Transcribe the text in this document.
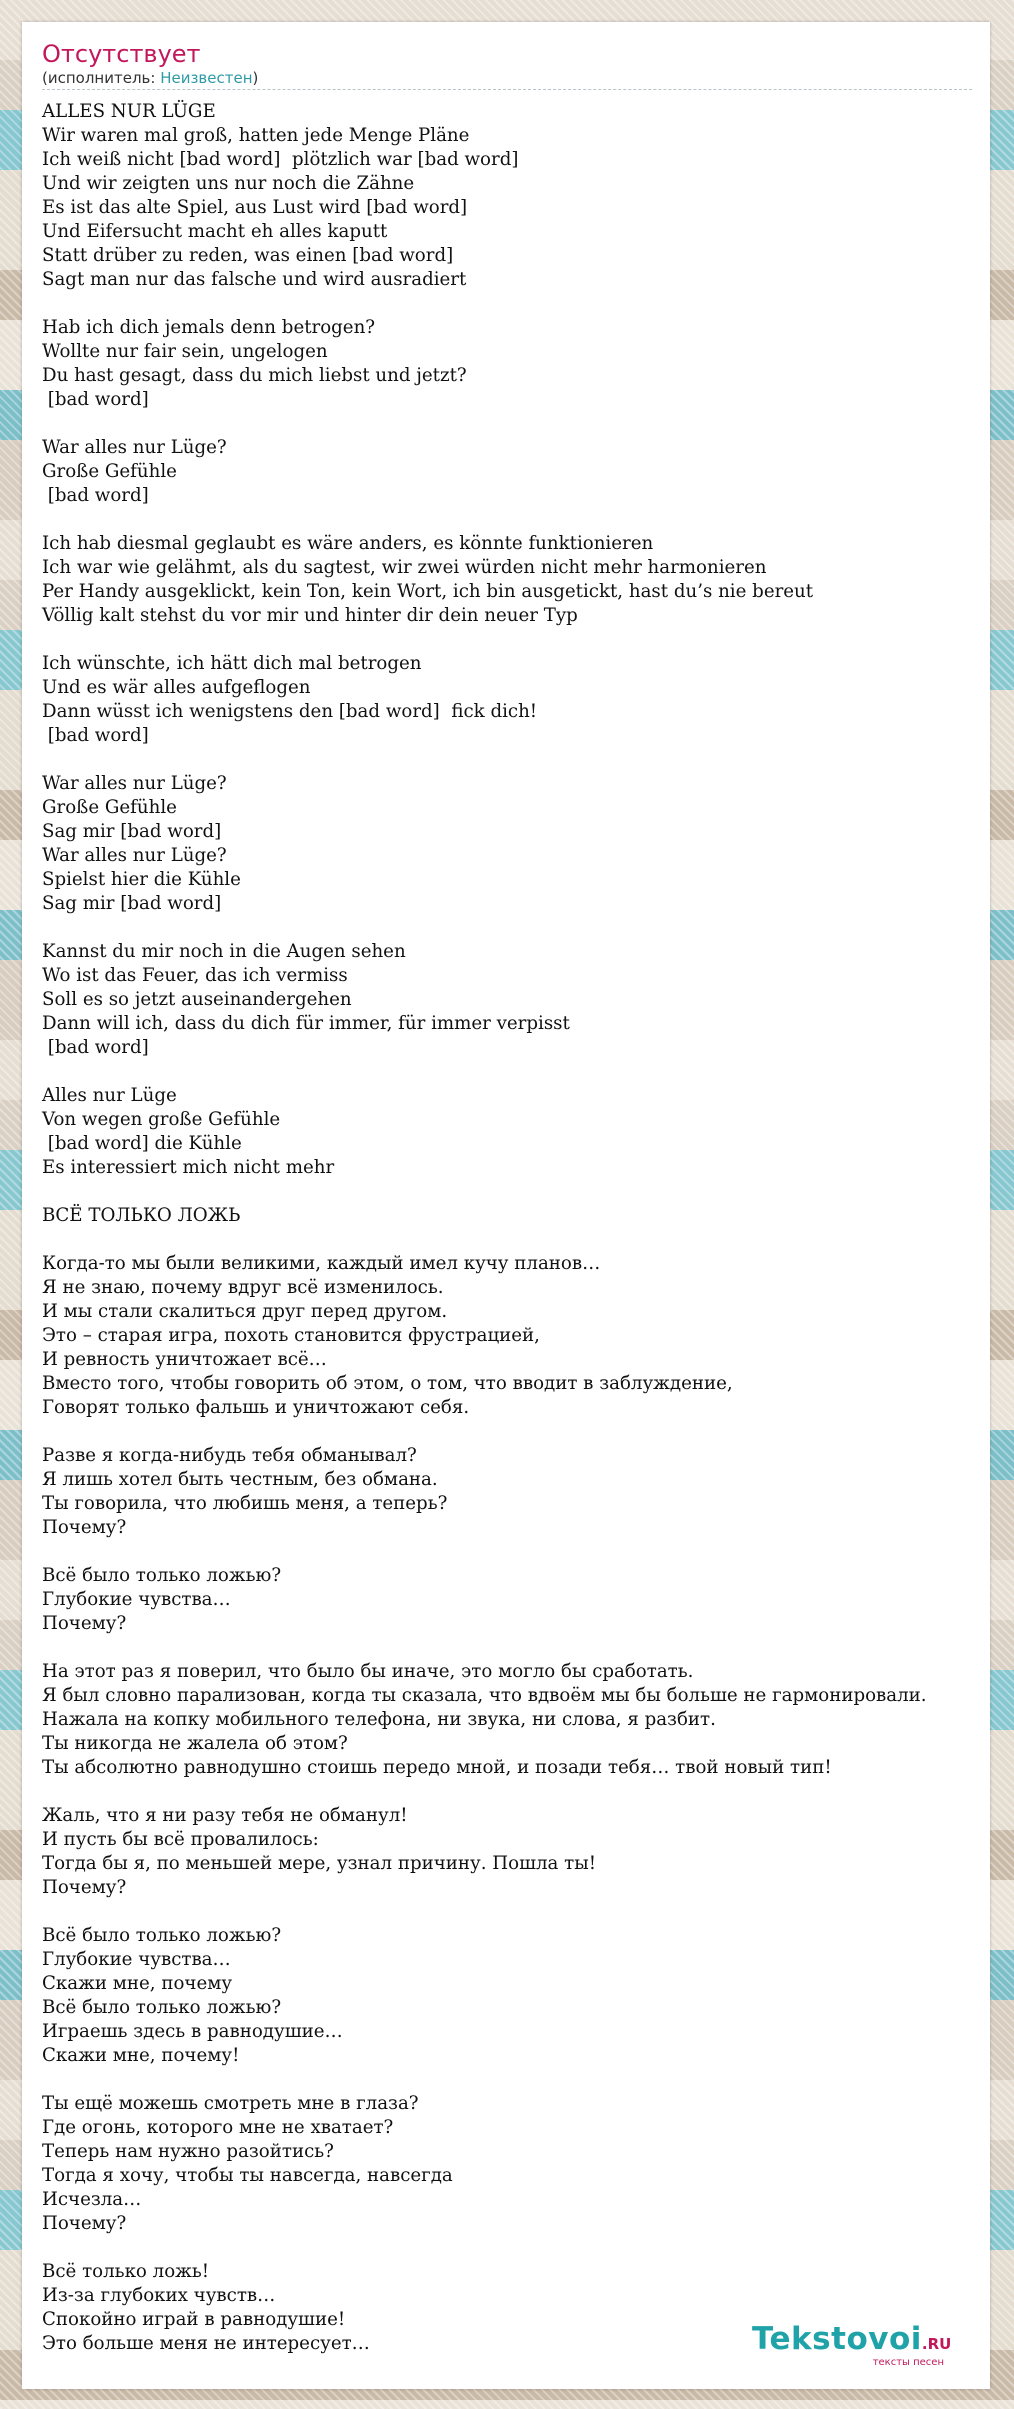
Отсутствует
(исполнитель: Неизвестен)
ALLES NUR LÜGE
Wir waren mal groß, hatten jede Menge Pläne
Ich weiß nicht [bad word]  plötzlich war [bad word]
Und wir zeigten uns nur noch die Zähne
Es ist das alte Spiel, aus Lust wird [bad word]
Und Eifersucht macht eh alles kaputt
Statt drüber zu reden, was einen [bad word]
Sagt man nur das falsche und wird ausradiert

Hab ich dich jemals denn betrogen?
Wollte nur fair sein, ungelogen
Du hast gesagt, dass du mich liebst und jetzt?
[bad word]

War alles nur Lüge?
Große Gefühle
[bad word]

Ich hab diesmal geglaubt es wäre anders, es könnte funktionieren
Ich war wie gelähmt, als du sagtest, wir zwei würden nicht mehr harmonieren
Per Handy ausgeklickt, kein Ton, kein Wort, ich bin ausgetickt, hast du’s nie bereut
Völlig kalt stehst du vor mir und hinter dir dein neuer Typ

Ich wünschte, ich hätt dich mal betrogen
Und es wär alles aufgeflogen
Dann wüsst ich wenigstens den [bad word]  fick dich!
[bad word]

War alles nur Lüge?
Große Gefühle
Sag mir [bad word]
War alles nur Lüge?
Spielst hier die Kühle
Sag mir [bad word]

Kannst du mir noch in die Augen sehen
Wo ist das Feuer, das ich vermiss
Soll es so jetzt auseinandergehen
Dann will ich, dass du dich für immer, für immer verpisst
[bad word]

Alles nur Lüge
Von wegen große Gefühle
[bad word] die Kühle
Es interessiert mich nicht mehr

ВСЁ ТОЛЬКО ЛОЖЬ

Когда-то мы были великими, каждый имел кучу планов…
Я не знаю, почему вдруг всё изменилось.
И мы стали скалиться друг перед другом.
Это – старая игра, похоть становится фрустрацией,
И ревность уничтожает всё…
Вместо того, чтобы говорить об этом, о том, что вводит в заблуждение,
Говорят только фальшь и уничтожают себя.

Разве я когда-нибудь тебя обманывал?
Я лишь хотел быть честным, без обмана.
Ты говорила, что любишь меня, а теперь?
Почему?

Всё было только ложью?
Глубокие чувства…
Почему?

На этот раз я поверил, что было бы иначе, это могло бы сработать.
Я был словно парализован, когда ты сказала, что вдвоём мы бы больше не гармонировали.
Нажала на копку мобильного телефона, ни звука, ни слова, я разбит.
Ты никогда не жалела об этом?
Ты абсолютно равнодушно стоишь передо мной, и позади тебя… твой новый тип!

Жаль, что я ни разу тебя не обманул!
И пусть бы всё провалилось:
Тогда бы я, по меньшей мере, узнал причину. Пошла ты!
Почему?

Всё было только ложью?
Глубокие чувства…
Скажи мне, почему
Всё было только ложью?
Играешь здесь в равнодушие…
Скажи мне, почему!

Ты ещё можешь смотреть мне в глаза?
Где огонь, которого мне не хватает?
Теперь нам нужно разойтись?
Тогда я хочу, чтобы ты навсегда, навсегда
Исчезла…
Почему?

Всё только ложь!
Из-за глубоких чувств…
Спокойно играй в равнодушие!
Это больше меня не интересует…	Tekstovoi.RU
тексты песен
